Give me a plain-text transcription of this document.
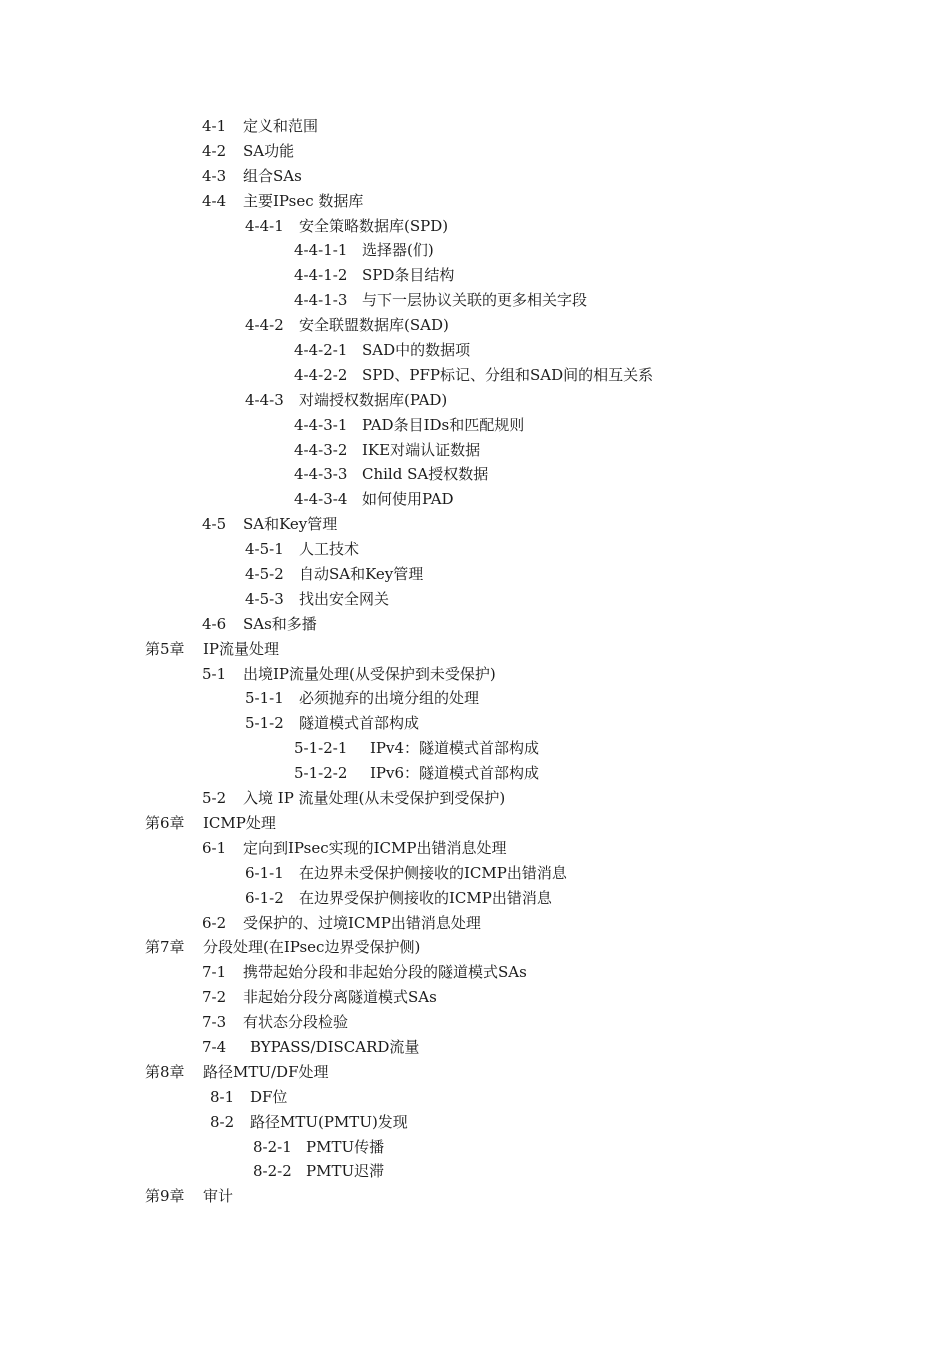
4-1 定义和范围
4-2 SA功能
4-3 组合SAs
4-4 主要IPsec 数据库
4-4-1 安全策略数据库(SPD)
4-4-1-1 选择器(们)
4-4-1-2 SPD条目结构
4-4-1-3 与下一层协议关联的更多相关字段
4-4-2 安全联盟数据库(SAD)
4-4-2-1 SAD中的数据项
4-4-2-2 SPD、PFP标记、分组和SAD间的相互关系
4-4-3 对端授权数据库(PAD)
4-4-3-1 PAD条目IDs和匹配规则
4-4-3-2 IKE对端认证数据
4-4-3-3 Child SA授权数据
4-4-3-4 如何使用PAD
4-5 SA和Key管理
4-5-1 人工技术
4-5-2 自动SA和Key管理
4-5-3 找出安全网关
4-6 SAs和多播
第5章 IP流量处理
5-1 出境IP流量处理(从受保护到未受保护)
5-1-1 必须抛弃的出境分组的处理
5-1-2 隧道模式首部构成
5-1-2-1 IPv4：隧道模式首部构成
5-1-2-2 IPv6：隧道模式首部构成
5-2 入境 IP 流量处理(从未受保护到受保护)
第6章 ICMP处理
6-1 定向到IPsec实现的ICMP出错消息处理
6-1-1 在边界未受保护侧接收的ICMP出错消息
6-1-2 在边界受保护侧接收的ICMP出错消息
6-2 受保护的、过境ICMP出错消息处理
第7章 分段处理(在IPsec边界受保护侧)
7-1 携带起始分段和非起始分段的隧道模式SAs
7-2 非起始分段分离隧道模式SAs
7-3 有状态分段检验
7-4 BYPASS/DISCARD流量
第8章 路径MTU/DF处理
8-1 DF位
8-2 路径MTU(PMTU)发现
8-2-1 PMTU传播
8-2-2 PMTU迟滞
第9章 审计
